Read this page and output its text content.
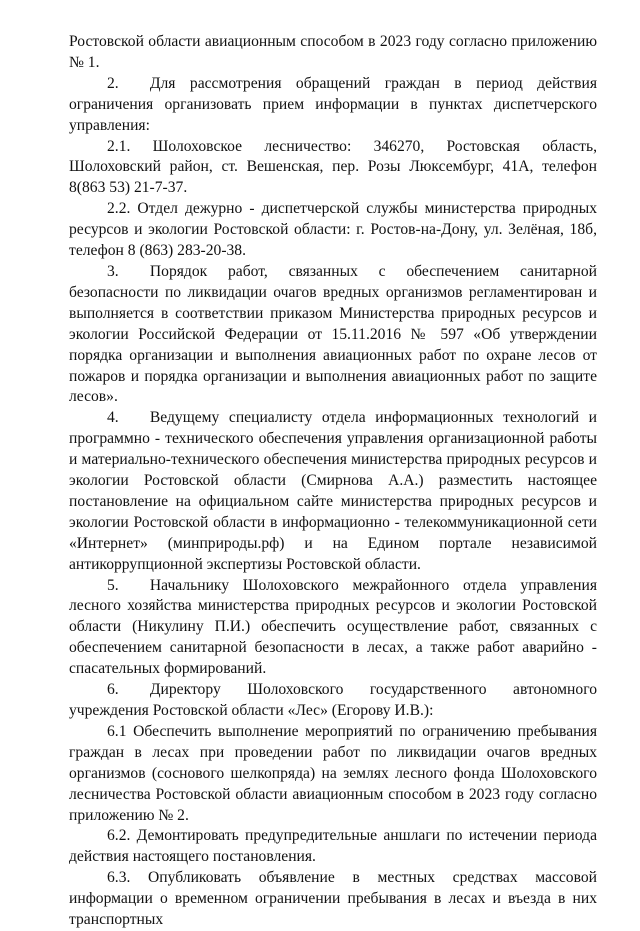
Ростовской области авиационным способом в 2023 году согласно приложению № 1.

2.  Для рассмотрения обращений граждан в период действия ограничения организовать прием информации в пунктах диспетчерского управления:

2.1. Шолоховское лесничество: 346270, Ростовская область, Шолоховский район, ст. Вешенская, пер. Розы Люксембург, 41А, телефон 8(863 53) 21-7-37.

2.2. Отдел дежурно - диспетчерской службы министерства природных ресурсов и экологии Ростовской области: г. Ростов-на-Дону, ул. Зелёная, 18б, телефон 8 (863) 283-20-38.

3.  Порядок работ, связанных с обеспечением санитарной безопасности по ликвидации очагов вредных организмов регламентирован и выполняется в соответствии приказом Министерства природных ресурсов и экологии Российской Федерации от 15.11.2016 № 597 «Об утверждении порядка организации и выполнения авиационных работ по охране лесов от пожаров и порядка организации и выполнения авиационных работ по защите лесов».

4.  Ведущему специалисту отдела информационных технологий и программно - технического обеспечения управления организационной работы и материально-технического обеспечения министерства природных ресурсов и экологии Ростовской области (Смирнова А.А.) разместить настоящее постановление на официальном сайте министерства природных ресурсов и экологии Ростовской области в информационно - телекоммуникационной сети «Интернет» (минприроды.рф) и на Едином портале независимой антикоррупционной экспертизы Ростовской области.

5.  Начальнику Шолоховского межрайонного отдела управления лесного хозяйства министерства природных ресурсов и экологии Ростовской области (Никулину П.И.) обеспечить осуществление работ, связанных с обеспечением санитарной безопасности в лесах, а также работ аварийно - спасательных формирований.

6.  Директору Шолоховского государственного автономного учреждения Ростовской области «Лес» (Егорову И.В.):

6.1 Обеспечить выполнение мероприятий по ограничению пребывания граждан в лесах при проведении работ по ликвидации очагов вредных организмов (соснового шелкопряда) на землях лесного фонда Шолоховского лесничества Ростовской области авиационным способом в 2023 году согласно приложению № 2.

6.2. Демонтировать предупредительные аншлаги по истечении периода действия настоящего постановления.

6.3. Опубликовать объявление в местных средствах массовой информации о временном ограничении пребывания в лесах и въезда в них транспортных
